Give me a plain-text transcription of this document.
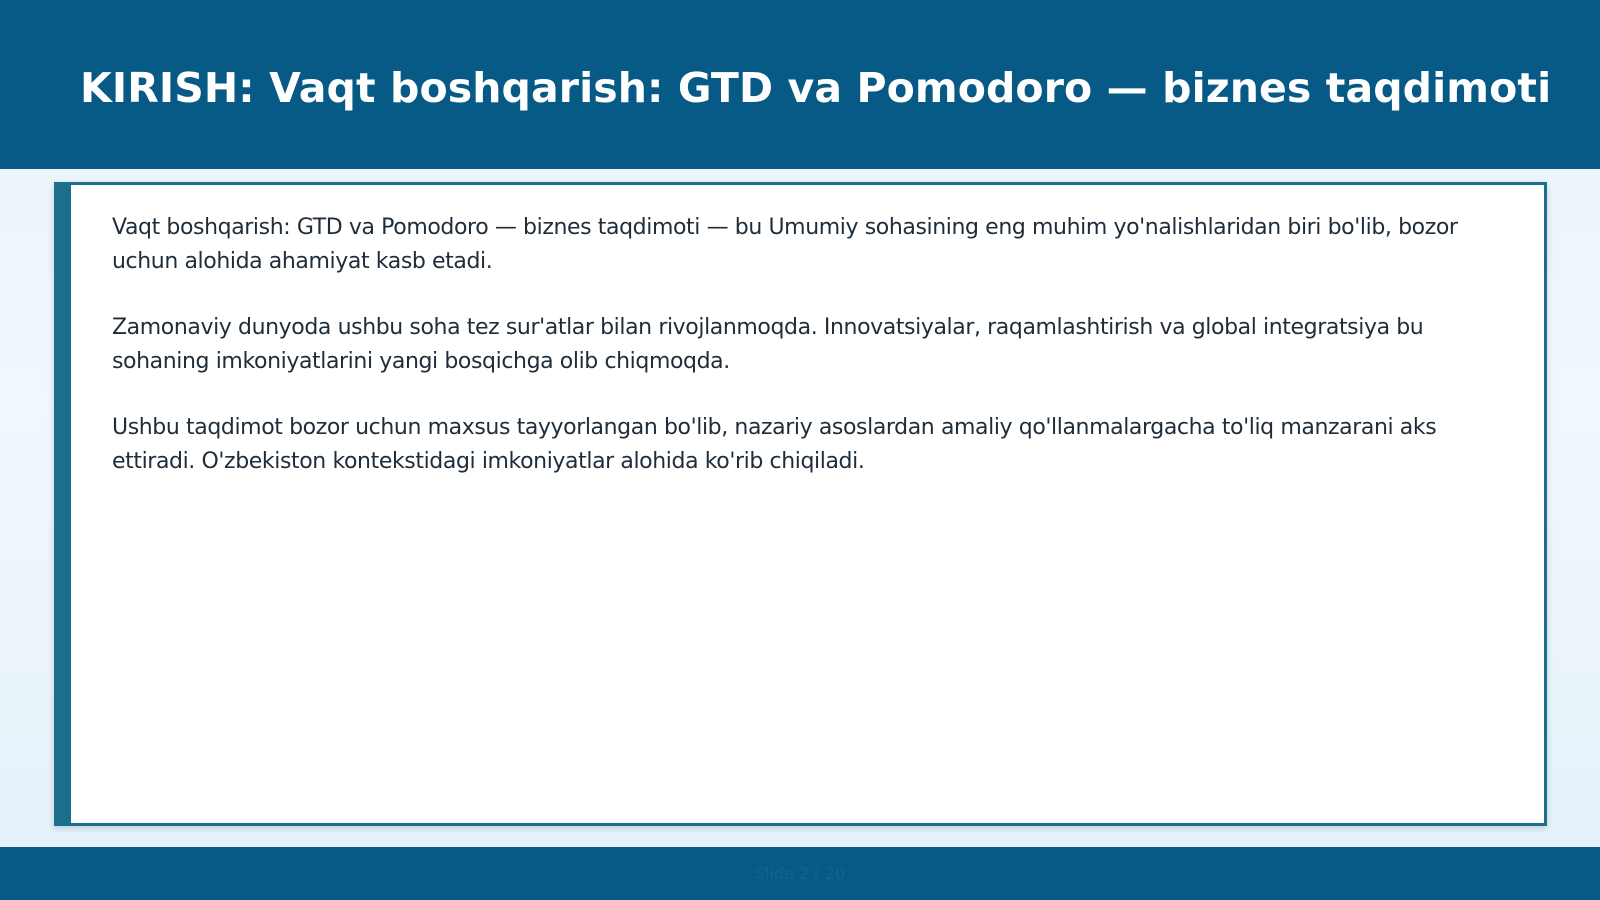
KIRISH: Vaqt boshqarish: GTD va Pomodoro — biznes taqdimoti

Vaqt boshqarish: GTD va Pomodoro — biznes taqdimoti — bu Umumiy sohasining eng muhim yo'nalishlaridan biri bo'lib, bozor uchun alohida ahamiyat kasb etadi.

Zamonaviy dunyoda ushbu soha tez sur'atlar bilan rivojlanmoqda. Innovatsiyalar, raqamlashtirish va global integratsiya bu sohaning imkoniyatlarini yangi bosqichga olib chiqmoqda.

Ushbu taqdimot bozor uchun maxsus tayyorlangan bo'lib, nazariy asoslardan amaliy qo'llanmalargacha to'liq manzarani aks ettiradi. O'zbekiston kontekstidagi imkoniyatlar alohida ko'rib chiqiladi.

Slide 2 / 20
